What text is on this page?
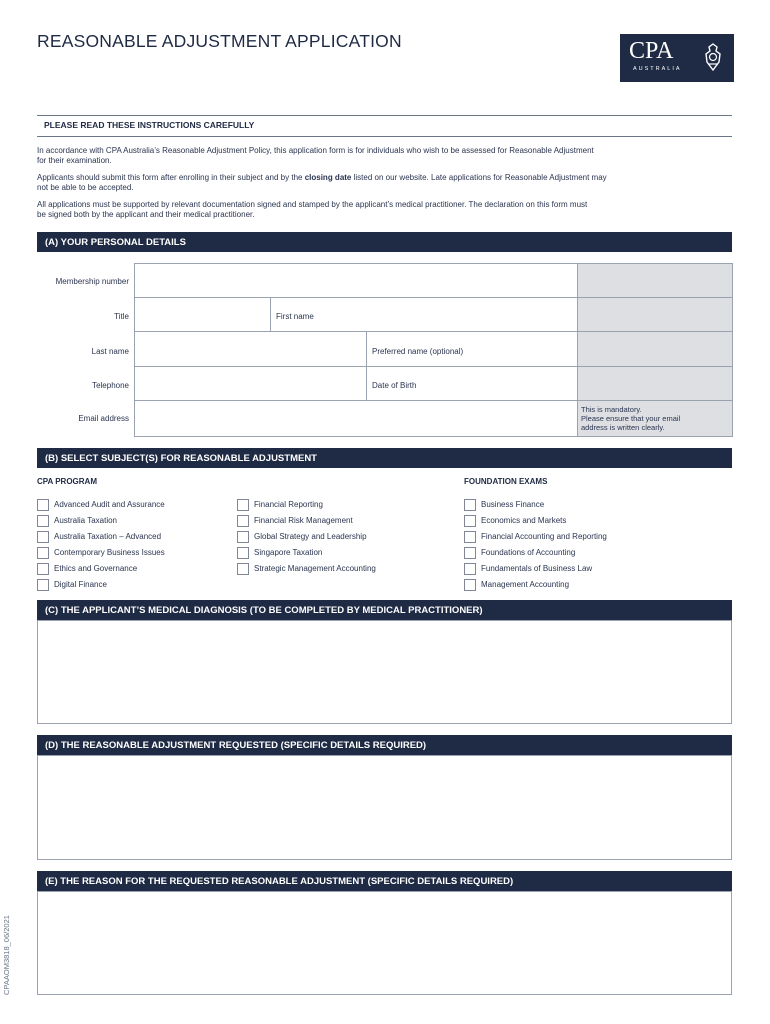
REASONABLE ADJUSTMENT APPLICATION	CPA
AUSTRALIA
PLEASE READ THESE INSTRUCTIONS CAREFULLY
In accordance with CPA Australia’s Reasonable Adjustment Policy, this application form is for individuals who wish to be assessed for Reasonable Adjustment
for their examination.
Applicants should submit this form after enrolling in their subject and by the closing date listed on our website. Late applications for Reasonable Adjustment may
not be able to be accepted.
All applications must be supported by relevant documentation signed and stamped by the applicant’s medical practitioner. The declaration on this form must
be signed both by the applicant and their medical practitioner.
(A) YOUR PERSONAL DETAILS
Membership number
Title	First name
Last name	Preferred name (optional)
Telephone	Date of Birth
Email address
This is mandatory.
Please ensure that your email
address is written clearly.
(B) SELECT SUBJECT(S) FOR REASONABLE ADJUSTMENT
CPA PROGRAM	FOUNDATION EXAMS
Advanced Audit and Assurance
Australia Taxation
Australia Taxation – Advanced
Contemporary Business Issues
Ethics and Governance
Digital Finance
Financial Reporting
Financial Risk Management
Global Strategy and Leadership
Singapore Taxation
Strategic Management Accounting
Business Finance
Economics and Markets
Financial Accounting and Reporting
Foundations of Accounting
Fundamentals of Business Law
Management Accounting
(C) THE APPLICANT’S MEDICAL DIAGNOSIS (TO BE COMPLETED BY MEDICAL PRACTITIONER)
(D) THE REASONABLE ADJUSTMENT REQUESTED (SPECIFIC DETAILS REQUIRED)
(E) THE REASON FOR THE REQUESTED REASONABLE ADJUSTMENT (SPECIFIC DETAILS REQUIRED)
CPAAOM3818_06/2021
